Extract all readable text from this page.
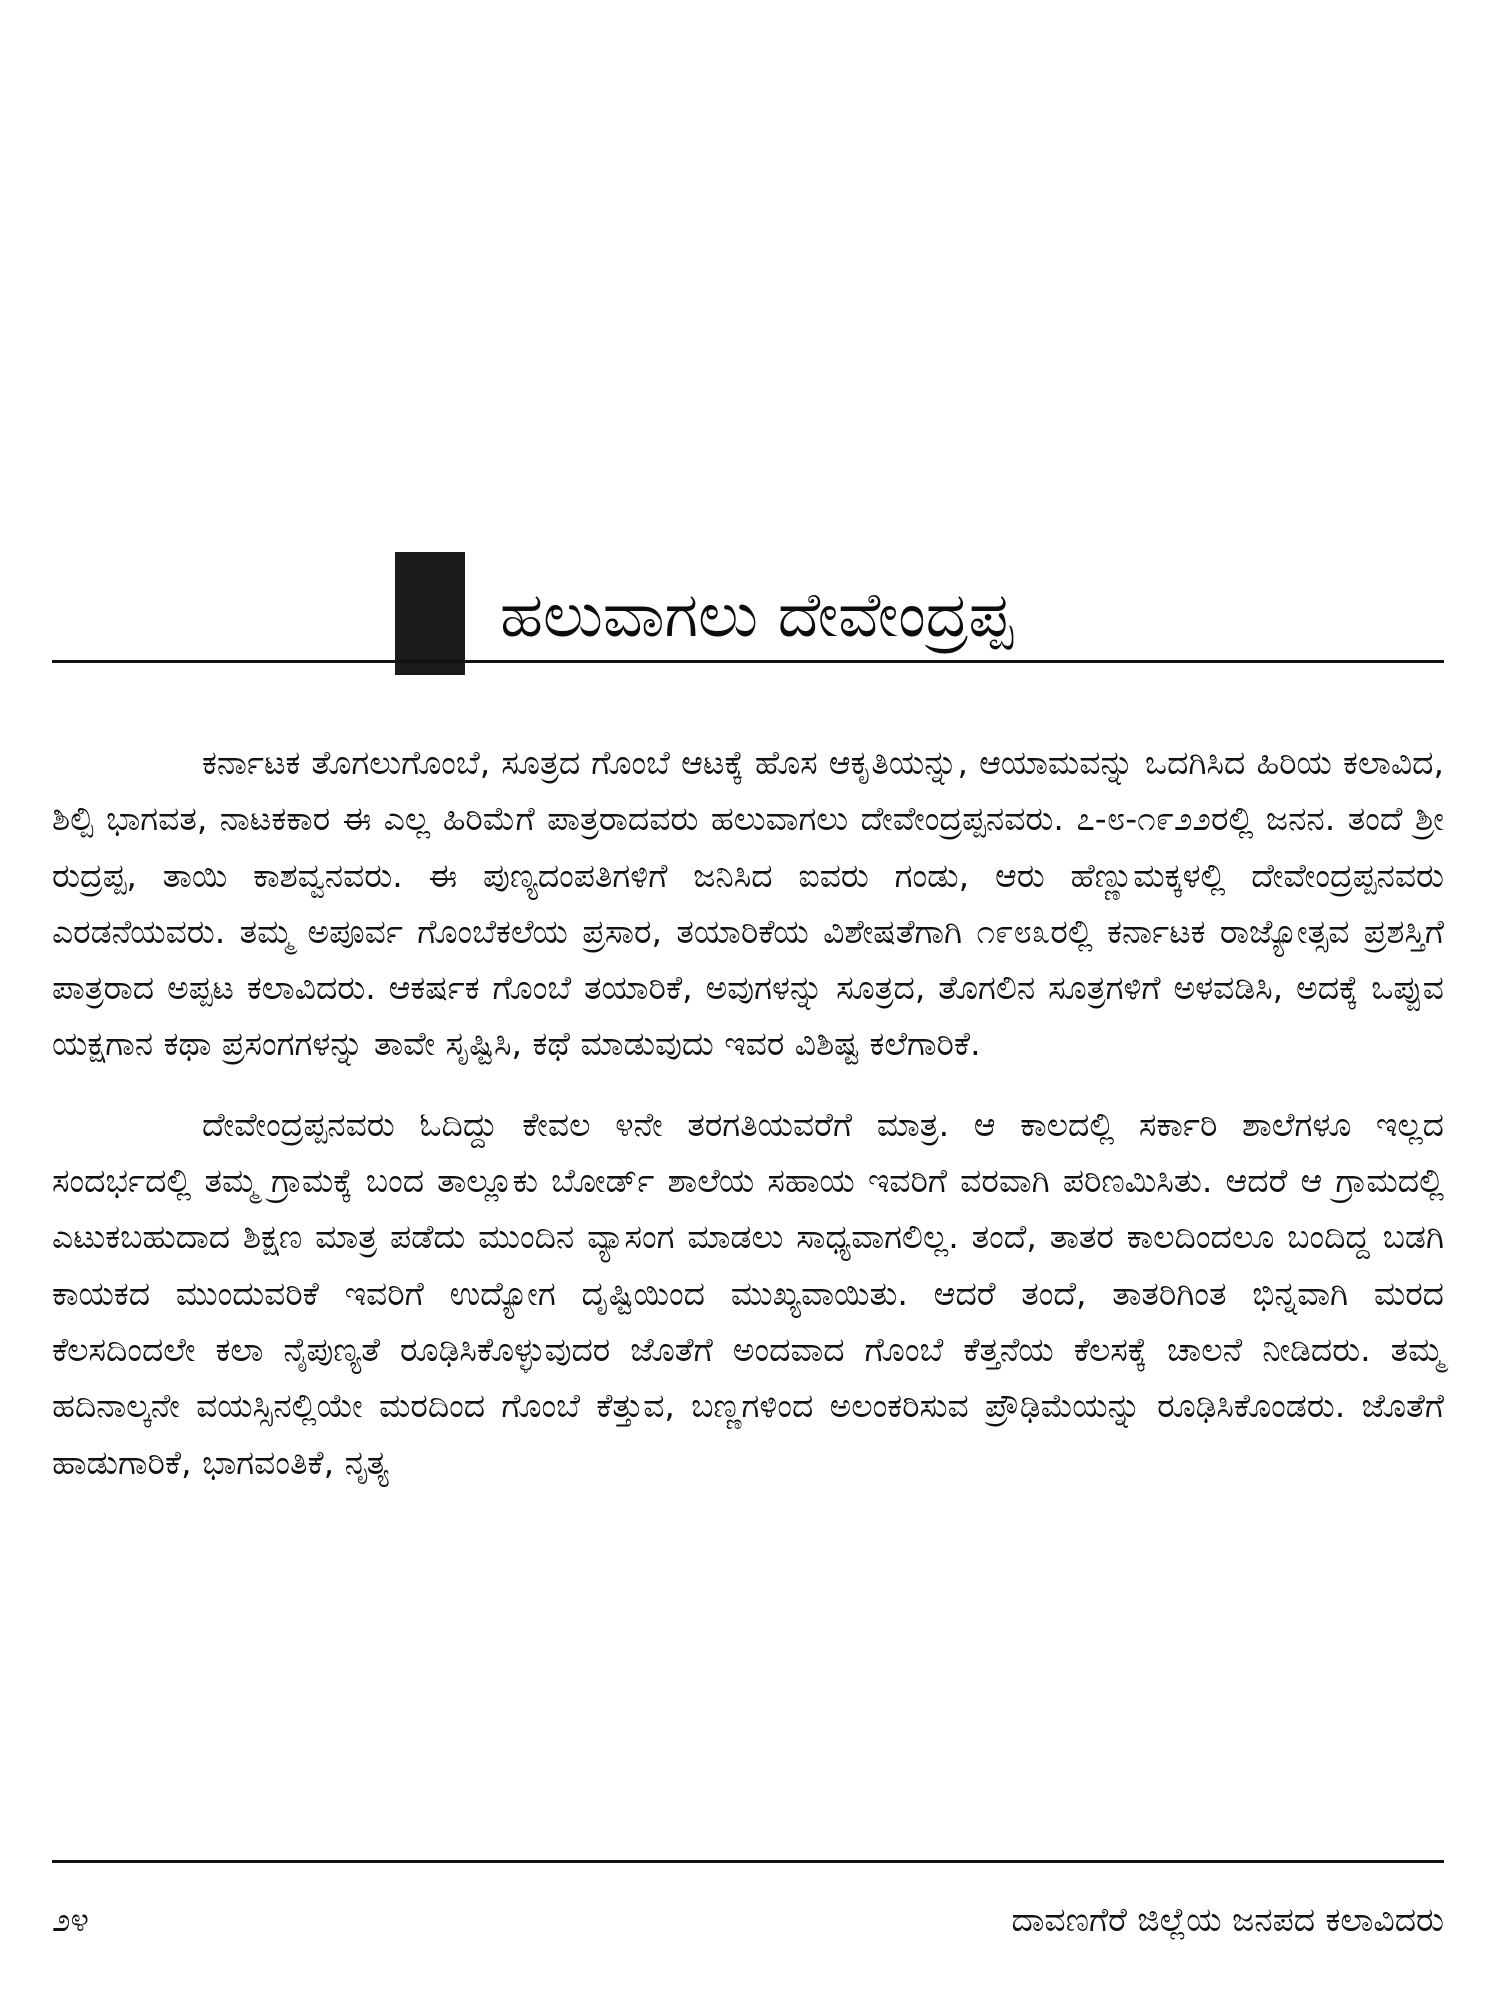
ಹಲುವಾಗಲು ದೇವೇಂದ್ರಪ್ಪ

ಕರ್ನಾಟಕ ತೊಗಲುಗೊಂಬೆ, ಸೂತ್ರದ ಗೊಂಬೆ ಆಟಕ್ಕೆ ಹೊಸ ಆಕೃತಿಯನ್ನು, ಆಯಾಮವನ್ನು ಒದಗಿಸಿದ ಹಿರಿಯ ಕಲಾವಿದ, ಶಿಲ್ಪಿ ಭಾಗವತ, ನಾಟಕಕಾರ ಈ ಎಲ್ಲ ಹಿರಿಮೆಗೆ ಪಾತ್ರರಾದವರು ಹಲುವಾಗಲು ದೇವೇಂದ್ರಪ್ಪನವರು. ೭-೮-೧೯೨೨ರಲ್ಲಿ ಜನನ. ತಂದೆ ಶ್ರೀ ರುದ್ರಪ್ಪ, ತಾಯಿ ಕಾಶವ್ವನವರು. ಈ ಪುಣ್ಯದಂಪತಿಗಳಿಗೆ ಜನಿಸಿದ ಐವರು ಗಂಡು, ಆರು ಹೆಣ್ಣುಮಕ್ಕಳಲ್ಲಿ ದೇವೇಂದ್ರಪ್ಪನವರು ಎರಡನೆಯವರು. ತಮ್ಮ ಅಪೂರ್ವ ಗೊಂಬೆಕಲೆಯ ಪ್ರಸಾರ, ತಯಾರಿಕೆಯ ವಿಶೇಷತೆಗಾಗಿ ೧೯೮೩ರಲ್ಲಿ ಕರ್ನಾಟಕ ರಾಜ್ಯೋತ್ಸವ ಪ್ರಶಸ್ತಿಗೆ ಪಾತ್ರರಾದ ಅಪ್ಪಟ ಕಲಾವಿದರು. ಆಕರ್ಷಕ ಗೊಂಬೆ ತಯಾರಿಕೆ, ಅವುಗಳನ್ನು ಸೂತ್ರದ, ತೊಗಲಿನ ಸೂತ್ರಗಳಿಗೆ ಅಳವಡಿಸಿ, ಅದಕ್ಕೆ ಒಪ್ಪುವ ಯಕ್ಷಗಾನ ಕಥಾ ಪ್ರಸಂಗಗಳನ್ನು ತಾವೇ ಸೃಷ್ಟಿಸಿ, ಕಥೆ ಮಾಡುವುದು ಇವರ ವಿಶಿಷ್ಟ ಕಲೆಗಾರಿಕೆ.

ದೇವೇಂದ್ರಪ್ಪನವರು ಓದಿದ್ದು ಕೇವಲ ೪ನೇ ತರಗತಿಯವರೆಗೆ ಮಾತ್ರ. ಆ ಕಾಲದಲ್ಲಿ ಸರ್ಕಾರಿ ಶಾಲೆಗಳೂ ಇಲ್ಲದ ಸಂದರ್ಭದಲ್ಲಿ ತಮ್ಮ ಗ್ರಾಮಕ್ಕೆ ಬಂದ ತಾಲ್ಲೂಕು ಬೋರ್ಡ್ ಶಾಲೆಯ ಸಹಾಯ ಇವರಿಗೆ ವರವಾಗಿ ಪರಿಣಮಿಸಿತು. ಆದರೆ ಆ ಗ್ರಾಮದಲ್ಲಿ ಎಟುಕಬಹುದಾದ ಶಿಕ್ಷಣ ಮಾತ್ರ ಪಡೆದು ಮುಂದಿನ ವ್ಯಾಸಂಗ ಮಾಡಲು ಸಾಧ್ಯವಾಗಲಿಲ್ಲ. ತಂದೆ, ತಾತರ ಕಾಲದಿಂದಲೂ ಬಂದಿದ್ದ ಬಡಗಿ ಕಾಯಕದ ಮುಂದುವರಿಕೆ ಇವರಿಗೆ ಉದ್ಯೋಗ ದೃಷ್ಟಿಯಿಂದ ಮುಖ್ಯವಾಯಿತು. ಆದರೆ ತಂದೆ, ತಾತರಿಗಿಂತ ಭಿನ್ನವಾಗಿ ಮರದ ಕೆಲಸದಿಂದಲೇ ಕಲಾ ನೈಪುಣ್ಯತೆ ರೂಢಿಸಿಕೊಳ್ಳುವುದರ ಜೊತೆಗೆ ಅಂದವಾದ ಗೊಂಬೆ ಕೆತ್ತನೆಯ ಕೆಲಸಕ್ಕೆ ಚಾಲನೆ ನೀಡಿದರು. ತಮ್ಮ ಹದಿನಾಲ್ಕನೇ ವಯಸ್ಸಿನಲ್ಲಿಯೇ ಮರದಿಂದ ಗೊಂಬೆ ಕೆತ್ತುವ, ಬಣ್ಣಗಳಿಂದ ಅಲಂಕರಿಸುವ ಪ್ರೌಢಿಮೆಯನ್ನು ರೂಢಿಸಿಕೊಂಡರು. ಜೊತೆಗೆ ಹಾಡುಗಾರಿಕೆ, ಭಾಗವಂತಿಕೆ, ನೃತ್ಯ

೨೪	ದಾವಣಗೆರೆ ಜಿಲ್ಲೆಯ ಜನಪದ ಕಲಾವಿದರು
